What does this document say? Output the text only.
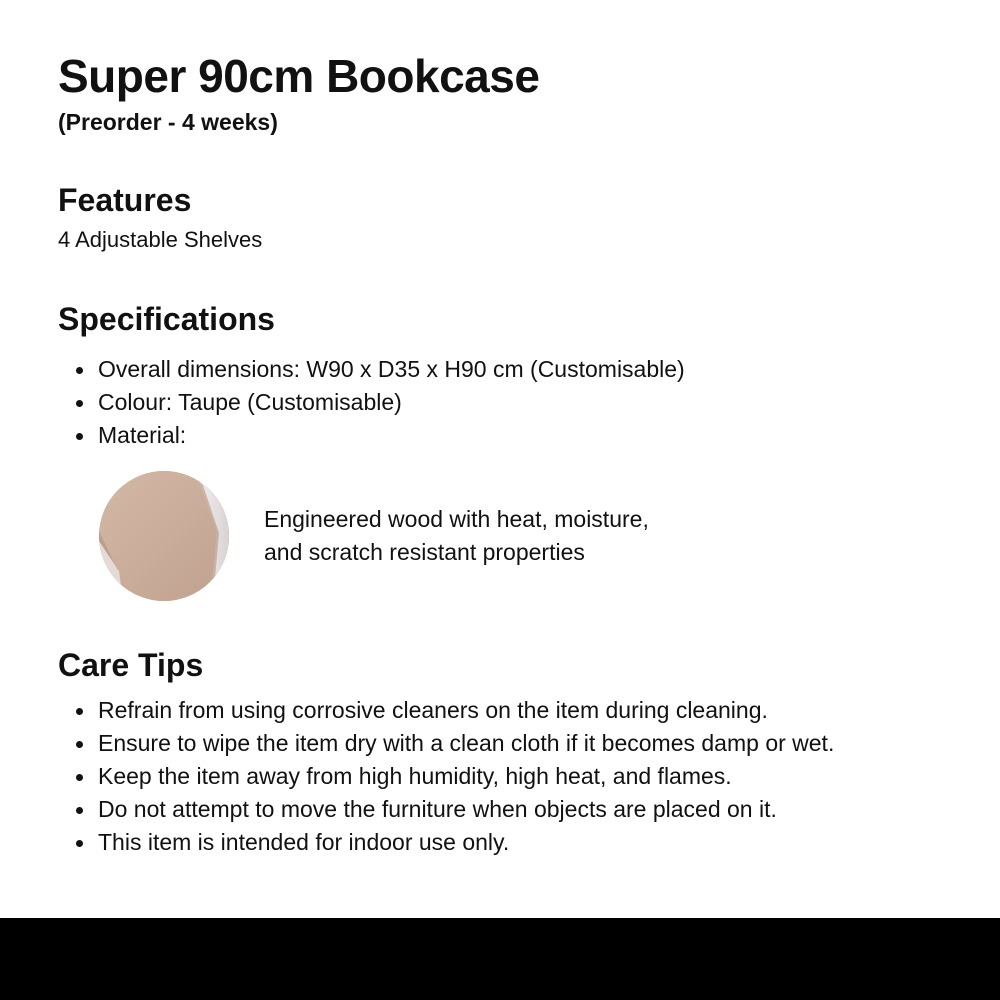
Super 90cm Bookcase

(Preorder - 4 weeks)

Features

4 Adjustable Shelves

Specifications
Overall dimensions: W90 x D35 x H90 cm (Customisable)
Colour: Taupe (Customisable)
Material:

Engineered wood with heat, moisture,
and scratch resistant properties

Care Tips
Refrain from using corrosive cleaners on the item during cleaning.
Ensure to wipe the item dry with a clean cloth if it becomes damp or wet.
Keep the item away from high humidity, high heat, and flames.
Do not attempt to move the furniture when objects are placed on it.
This item is intended for indoor use only.
